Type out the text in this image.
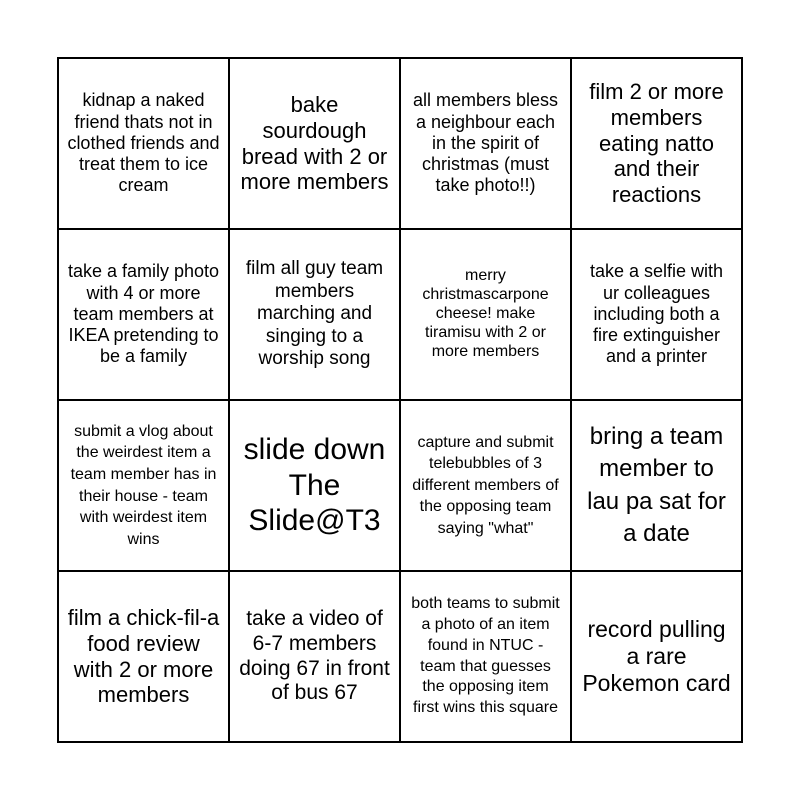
kidnap a naked friend thats not in clothed friends and treat them to ice cream
bake sourdough bread with 2 or more members
all members bless a neighbour each in the spirit of christmas (must take photo!!)
film 2 or more members eating natto and their reactions
take a family photo with 4 or more team members at IKEA pretending to be a family
film all guy team members marching and singing to a worship song
merry christmascarpone cheese! make tiramisu with 2 or more members
take a selfie with ur colleagues including both a fire extinguisher and a printer
submit a vlog about the weirdest item a team member has in their house - team with weirdest item wins
slide down The Slide@T3
capture and submit telebubbles of 3 different members of the opposing team saying "what"
bring a team member to lau pa sat for a date
film a chick-fil-a food review with 2 or more members
take a video of 6-7 members doing 67 in front of bus 67
both teams to submit a photo of an item found in NTUC - team that guesses the opposing item first wins this square
record pulling a rare Pokemon card
